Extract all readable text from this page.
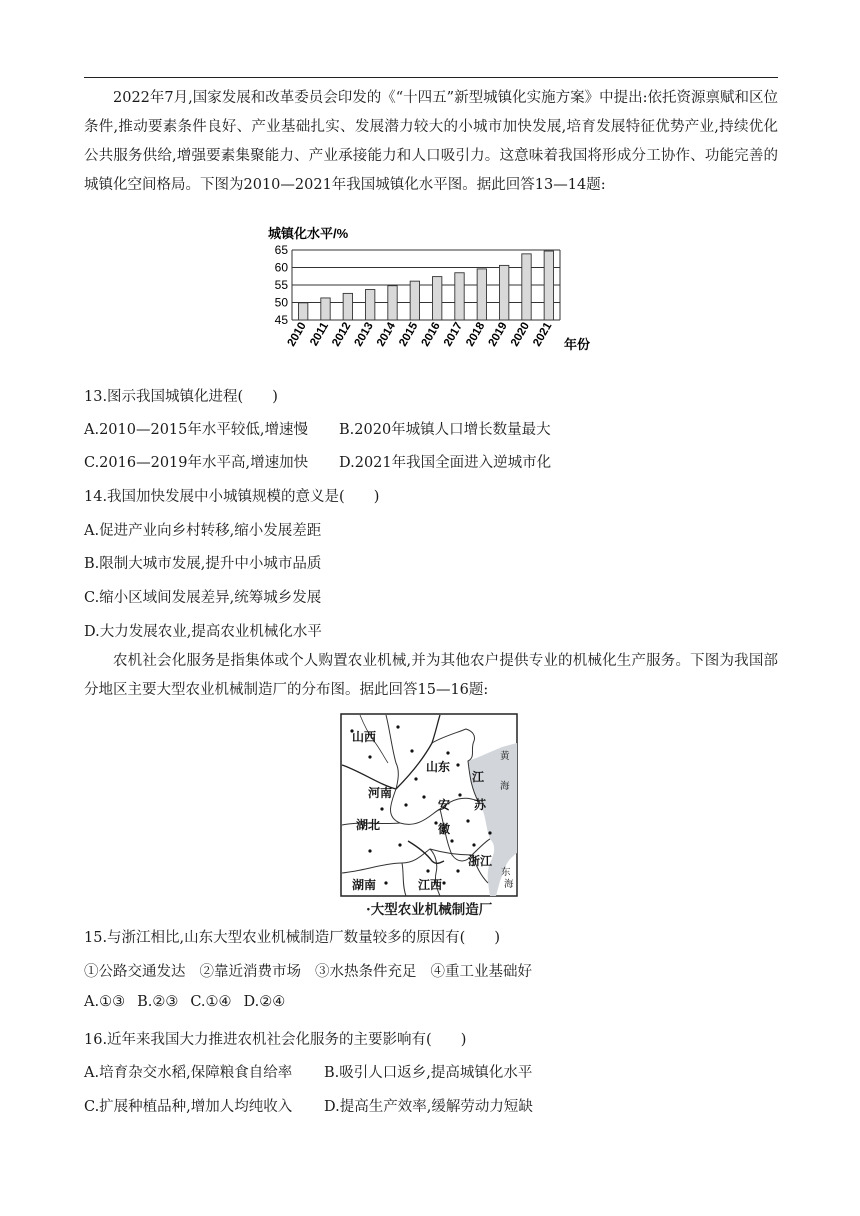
2022年7月,国家发展和改革委员会印发的《“十四五”新型城镇化实施方案》中提出:依托资源禀赋和区位条件,推动要素条件良好、产业基础扎实、发展潜力较大的小城市加快发展,培育发展特征优势产业,持续优化公共服务供给,增强要素集聚能力、产业承接能力和人口吸引力。这意味着我国将形成分工协作、功能完善的城镇化空间格局。下图为2010—2021年我国城镇化水平图。据此回答13—14题:

城镇化水平/%
45
50
55
60
65
2010 2011 2012 2013 2014 2015 2016 2017 2018 2019 2020 2021 年份
13.图示我国城镇化进程(　　)
A.2010—2015年水平较低,增速慢 B.2020年城镇人口增长数量最大
C.2016—2019年水平高,增速加快 D.2021年我国全面进入逆城市化
14.我国加快发展中小城镇规模的意义是(　　)
A.促进产业向乡村转移,缩小发展差距
B.限制大城市发展,提升中小城市品质
C.缩小区域间发展差异,统筹城乡发展
D.大力发展农业,提高农业机械化水平

农机社会化服务是指集体或个人购置农业机械,并为其他农户提供专业的机械化生产服务。下图为我国部分地区主要大型农业机械制造厂的分布图。据此回答15—16题:

山西
山东
河南
江
苏
安
徽
湖北
浙江
湖南	江西
黄
海
东
海
·大型农业机械制造厂
15.与浙江相比,山东大型农业机械制造厂数量较多的原因有(　　)
①公路交通发达 ②靠近消费市场 ③水热条件充足 ④重工业基础好
A.①③ B.②③ C.①④ D.②④
16.近年来我国大力推进农机社会化服务的主要影响有(　　)
A.培育杂交水稻,保障粮食自给率 B.吸引人口返乡,提高城镇化水平
C.扩展种植品种,增加人均纯收入 D.提高生产效率,缓解劳动力短缺
